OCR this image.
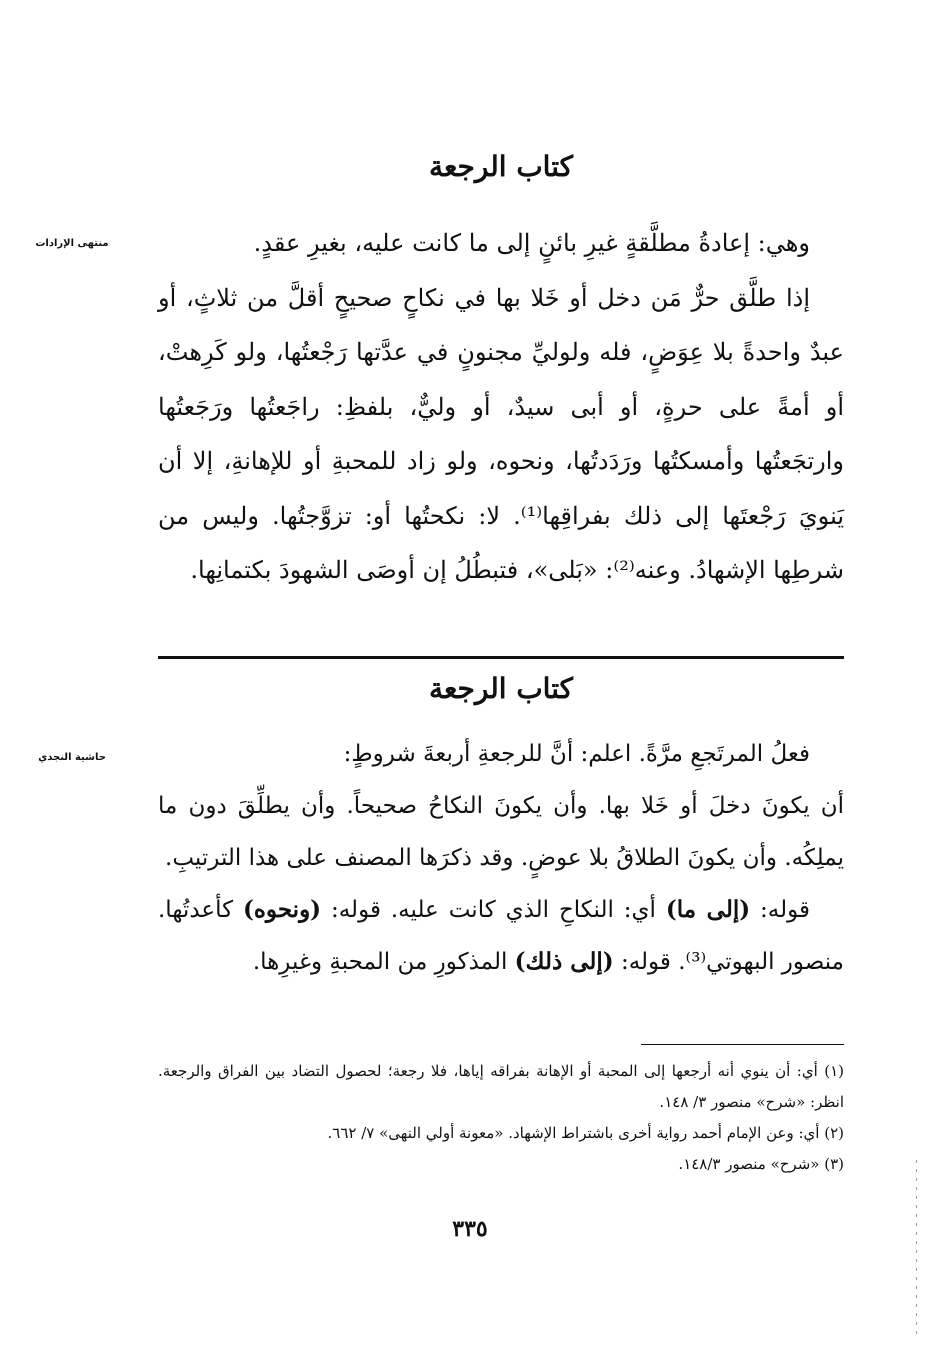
كتاب الرجعة
منتهى الإرادات	وهي: إعادةُ مطلَّقةٍ غيرِ بائنٍ إلى ما كانت عليه، بغيرِ عقدٍ.

إذا طلَّق حرٌّ مَن دخل أو خَلا بها في نكاحٍ صحيحٍ أقلَّ من ثلاثٍ، أو عبدٌ واحدةً بلا عِوَضٍ، فله ولوليِّ مجنونٍ في عدَّتها رَجْعتُها، ولو كَرِهتْ، أو أمةً على حرةٍ، أو أبى سيدٌ، أو وليٌّ، بلفظِ: راجَعتُها ورَجَعتُها وارتجَعتُها وأمسكتُها ورَدَدتُها، ونحوه، ولو زاد للمحبةِ أو للإهانةِ، إلا أن يَنويَ رَجْعتَها إلى ذلك بفراقِها⁽¹⁾. لا: نكحتُها أو: تزوَّجتُها. وليس من شرطِها الإشهادُ. وعنه⁽²⁾: «بَلى»، فتبطُلُ إن أوصَى الشهودَ بكتمانِها.

كتاب الرجعة
حاشية النجدي	فعلُ المرتَجعِ مرَّةً. اعلم: أنَّ للرجعةِ أربعةَ شروطٍ:

أن يكونَ دخلَ أو خَلا بها. وأن يكونَ النكاحُ صحيحاً. وأن يطلِّقَ دون ما يملِكُه. وأن يكونَ الطلاقُ بلا عوضٍ. وقد ذكرَها المصنف على هذا الترتيبِ.

قوله: (إلى ما) أي: النكاحِ الذي كانت عليه. قوله: (ونحوه) كأعدتُها. منصور البهوتي⁽³⁾. قوله: (إلى ذلك) المذكورِ من المحبةِ وغيرِها.

(١) أي: أن ينوي أنه أرجعها إلى المحبة أو الإهانة بفراقه إياها، فلا رجعة؛ لحصول التضاد بين الفراق والرجعة. انظر: «شرح» منصور ٣/ ١٤٨.

(٢) أي: وعن الإمام أحمد رواية أخرى باشتراط الإشهاد. «معونة أولي النهى» ٧/ ٦٦٢.

(٣) «شرح» منصور ١٤٨/٣.

٣٣٥
